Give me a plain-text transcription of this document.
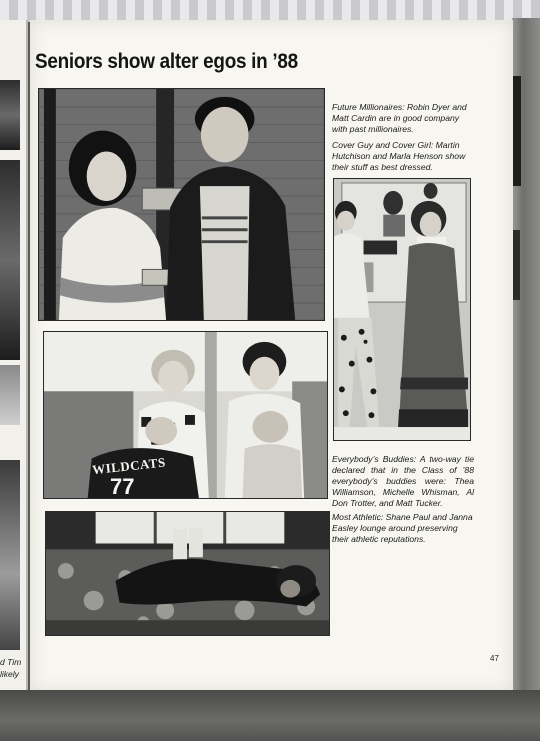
d Tim
likely
Seniors show alter egos in ’88
WILDCATS
77
Future Millionaires: Robin Dyer and Matt Cardin are in good company with past millionaires.
Cover Guy and Cover Girl: Martin Hutchison and Marla Henson show their stuff as best dressed.
Everybody’s Buddies: A two-way tie declared that in the Class of ’88 everybody’s buddies were: Thea Williamson, Michelle Whisman, Al Don Trotter, and Matt Tucker.
Most Athletic: Shane Paul and Janna Easley lounge around preserving their athletic reputations.
47
